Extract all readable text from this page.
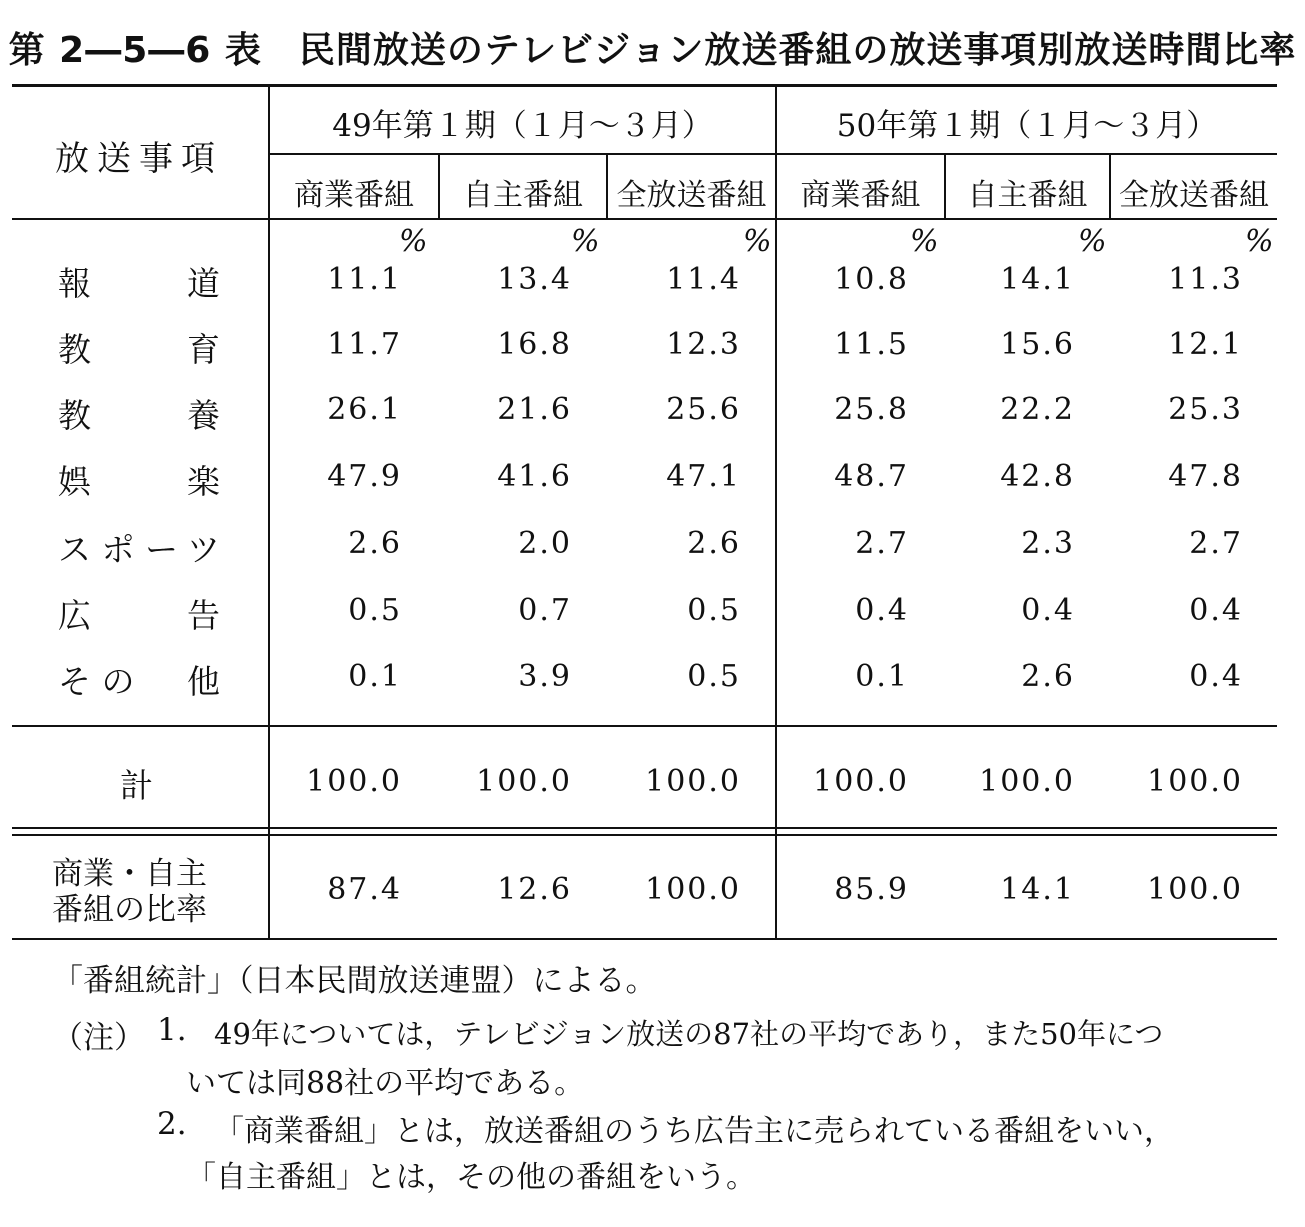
第 2―5―6 表　民間放送のテレビジョン放送番組の放送事項別放送時間比率
放送事項
49年第１期（１月～３月）	50年第１期（１月～３月）
商業番組	自主番組	全放送番組	商業番組	自主番組	全放送番組
%	%	%	%	%	%
報	道	11.1	13.4	11.4	10.8	14.1	11.3
教	育	11.7	16.8	12.3	11.5	15.6	12.1
教	養	26.1	21.6	25.6	25.8	22.2	25.3
娯	楽	47.9	41.6	47.1	48.7	42.8	47.8
ス ポ ー ツ	2.6	2.0	2.6	2.7	2.3	2.7
広	告	0.5	0.7	0.5	0.4	0.4	0.4
そ の 他	0.1	3.9	0.5	0.1	2.6	0.4
計	100.0	100.0	100.0	100.0	100.0	100.0
商業・自主
番組の比率
87.4	12.6	100.0	85.9	14.1	100.0
「番組統計」（日本民間放送連盟）による。
（注） 1. 49年については，テレビジョン放送の87社の平均であり，また50年につ
いては同88社の平均である。
2. 「商業番組」とは，放送番組のうち広告主に売られている番組をいい，
「自主番組」とは，その他の番組をいう。
